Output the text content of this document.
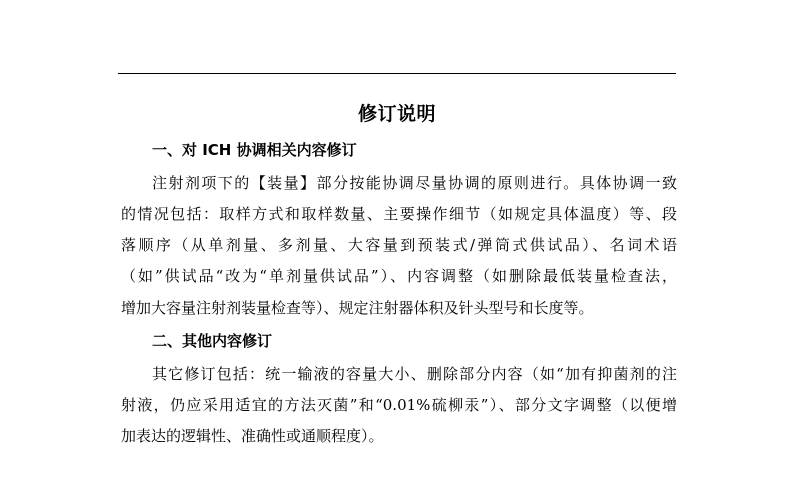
修订说明
一、对 ICH 协调相关内容修订
注射剂项下的【装量】部分按能协调尽量协调的原则进行。具体协调一致
的情况包括：取样方式和取样数量、主要操作细节（如规定具体温度）等、段
落顺序（从单剂量、多剂量、大容量到预装式/弹筒式供试品）、名词术语
（如”供试品“改为“单剂量供试品”）、内容调整（如删除最低装量检查法，
增加大容量注射剂装量检查等）、规定注射器体积及针头型号和长度等。
二、其他内容修订
其它修订包括：统一输液的容量大小、删除部分内容（如“加有抑菌剂的注
射液，仍应采用适宜的方法灭菌”和“0.01%硫柳汞”）、部分文字调整（以便增
加表达的逻辑性、准确性或通顺程度）。
